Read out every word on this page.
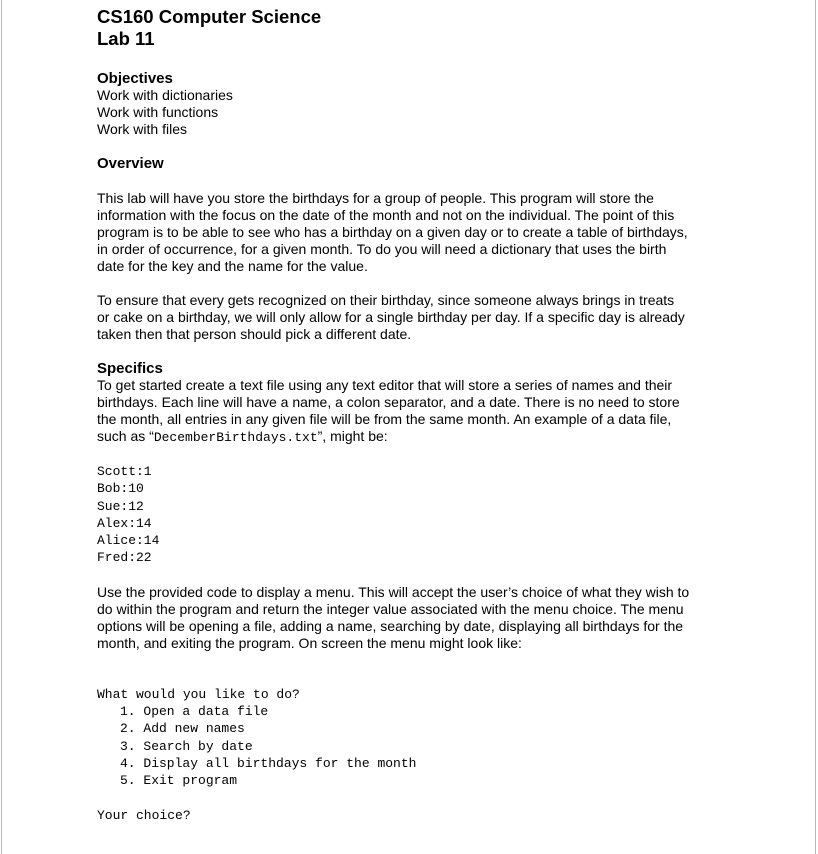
CS160 Computer Science
Lab 11
Objectives
Work with dictionaries
Work with functions
Work with files
Overview
This lab will have you store the birthdays for a group of people. This program will store the
information with the focus on the date of the month and not on the individual. The point of this
program is to be able to see who has a birthday on a given day or to create a table of birthdays,
in order of occurrence, for a given month. To do you will need a dictionary that uses the birth
date for the key and the name for the value.
To ensure that every gets recognized on their birthday, since someone always brings in treats
or cake on a birthday, we will only allow for a single birthday per day. If a specific day is already
taken then that person should pick a different date.
Specifics
To get started create a text file using any text editor that will store a series of names and their
birthdays. Each line will have a name, a colon separator, and a date. There is no need to store
the month, all entries in any given file will be from the same month. An example of a data file,
such as “DecemberBirthdays.txt”, might be:
Scott:1
Bob:10
Sue:12
Alex:14
Alice:14
Fred:22
Use the provided code to display a menu. This will accept the user’s choice of what they wish to
do within the program and return the integer value associated with the menu choice. The menu
options will be opening a file, adding a name, searching by date, displaying all birthdays for the
month, and exiting the program. On screen the menu might look like:
What would you like to do?
1. Open a data file
2. Add new names
3. Search by date
4. Display all birthdays for the month
5. Exit program
Your choice?
